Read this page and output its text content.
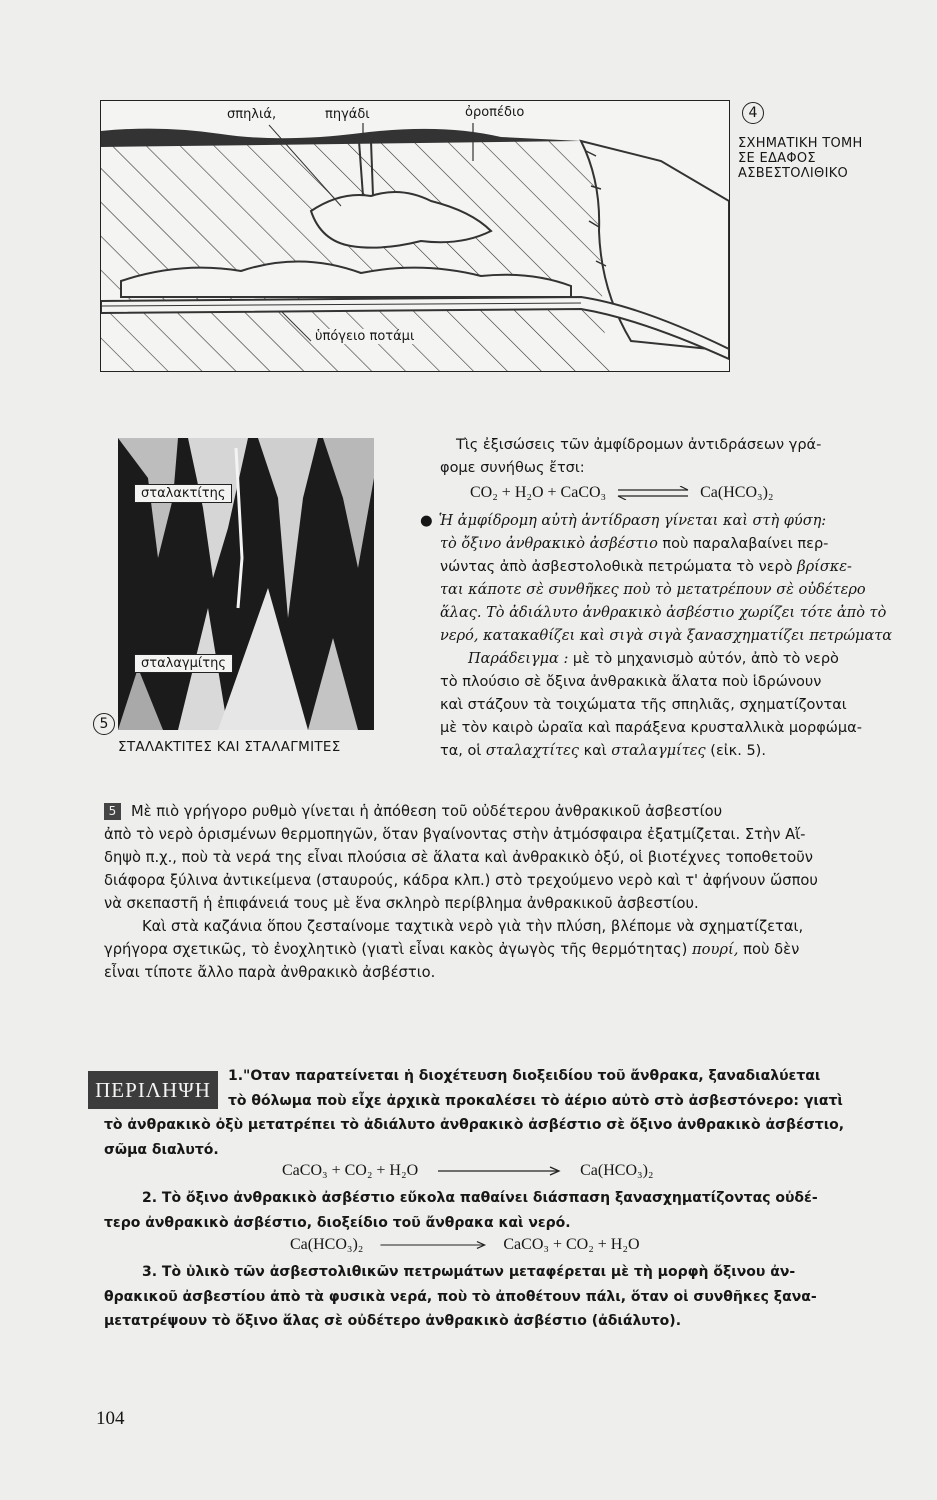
σπηλιά,	πηγάδι	ὀροπέδιο
ὑπόγειο ποτάμι
4
ΣΧΗΜΑΤΙΚΗ ΤΟΜΗ
ΣΕ ΕΔΑΦΟΣ
ΑΣΒΕΣΤΟΛΙΘΙΚΟ
σταλακτίτης
σταλαγμίτης
5
ΣΤΑΛΑΚΤΙΤΕΣ ΚΑΙ ΣΤΑΛΑΓΜΙΤΕΣ
Τὶς ἐξισώσεις τῶν ἀμφίδρομων ἀντιδράσεων γρά-
φομε συνήθως ἔτσι:
CO₂ + H₂O + CaCO₃	Ca(HCO₃)₂
● Ἡ ἀμφίδρομη αὐτὴ ἀντίδραση γίνεται καὶ στὴ φύση:
τὸ ὄξινο ἀνθρακικὸ ἀσβέστιο ποὺ παραλαβαίνει περ-
νώντας ἀπὸ ἀσβεστολοθικὰ πετρώματα τὸ νερὸ βρίσκε-
ται κάποτε σὲ συνθῆκες ποὺ τὸ μετατρέπουν σὲ οὐδέτερο
ἅλας. Τὸ ἀδιάλυτο ἀνθρακικὸ ἀσβέστιο χωρίζει τότε ἀπὸ τὸ
νερό, κατακαθίζει καὶ σιγὰ σιγὰ ξανασχηματίζει πετρώματα
Παράδειγμα : μὲ τὸ μηχανισμὸ αὐτόν, ἀπὸ τὸ νερὸ
τὸ πλούσιο σὲ ὄξινα ἀνθρακικὰ ἅλατα ποὺ ἱδρώνουν
καὶ στάζουν τὰ τοιχώματα τῆς σπηλιᾶς, σχηματίζονται
μὲ τὸν καιρὸ ὡραῖα καὶ παράξενα κρυσταλλικὰ μορφώμα-
τα, οἱ σταλαχτίτες καὶ σταλαγμίτες (εἰκ. 5).
5 Μὲ πιὸ γρήγορο ρυθμὸ γίνεται ἡ ἀπόθεση τοῦ οὐδέτερου ἀνθρακικοῦ ἀσβεστίου
ἀπὸ τὸ νερὸ ὁρισμένων θερμοπηγῶν, ὅταν βγαίνοντας στὴν ἀτμόσφαιρα ἐξατμίζεται. Στὴν Αἴ-
δηψὸ π.χ., ποὺ τὰ νερά της εἶναι πλούσια σὲ ἅλατα καὶ ἀνθρακικὸ ὀξύ, οἱ βιοτέχνες τοποθετοῦν
διάφορα ξύλινα ἀντικείμενα (σταυρούς, κάδρα κλπ.) στὸ τρεχούμενο νερὸ καὶ τ' ἀφήνουν ὥσπου
νὰ σκεπαστῆ ἡ ἐπιφάνειά τους μὲ ἕνα σκληρὸ περίβλημα ἀνθρακικοῦ ἀσβεστίου.
Καὶ στὰ καζάνια ὅπου ζεσταίνομε ταχτικὰ νερὸ γιὰ τὴν πλύση, βλέπομε νὰ σχηματίζεται,
γρήγορα σχετικῶς, τὸ ἐνοχλητικὸ (γιατὶ εἶναι κακὸς ἀγωγὸς τῆς θερμότητας) πουρί, ποὺ δὲν
εἶναι τίποτε ἄλλο παρὰ ἀνθρακικὸ ἀσβέστιο.
ΠΕΡΙΛΗΨΗ
1."Οταν παρατείνεται ἡ διοχέτευση διοξειδίου τοῦ ἄνθρακα, ξαναδιαλύεται
τὸ θόλωμα ποὺ εἶχε ἀρχικὰ προκαλέσει τὸ ἀέριο αὐτὸ στὸ ἀσβεστόνερο: γιατὶ
τὸ ἀνθρακικὸ ὀξὺ μετατρέπει τὸ ἀδιάλυτο ἀνθρακικὸ ἀσβέστιο σὲ ὄξινο ἀνθρακικὸ ἀσβέστιο,
σῶμα διαλυτό.
CaCO₃ + CO₂ + H₂O	Ca(HCO₃)₂
2. Τὸ ὄξινο ἀνθρακικὸ ἀσβέστιο εὔκολα παθαίνει διάσπαση ξανασχηματίζοντας οὐδέ-
τερο ἀνθρακικὸ ἀσβέστιο, διοξείδιο τοῦ ἄνθρακα καὶ νερό.
Ca(HCO₃)₂	CaCO₃ + CO₂ + H₂O
3. Τὸ ὑλικὸ τῶν ἀσβεστολιθικῶν πετρωμάτων μεταφέρεται μὲ τὴ μορφὴ ὄξινου ἀν-
θρακικοῦ ἀσβεστίου ἀπὸ τὰ φυσικὰ νερά, ποὺ τὸ ἀποθέτουν πάλι, ὅταν οἱ συνθῆκες ξανα-
μετατρέψουν τὸ ὄξινο ἅλας σὲ οὐδέτερο ἀνθρακικὸ ἀσβέστιο (ἀδιάλυτο).
104
